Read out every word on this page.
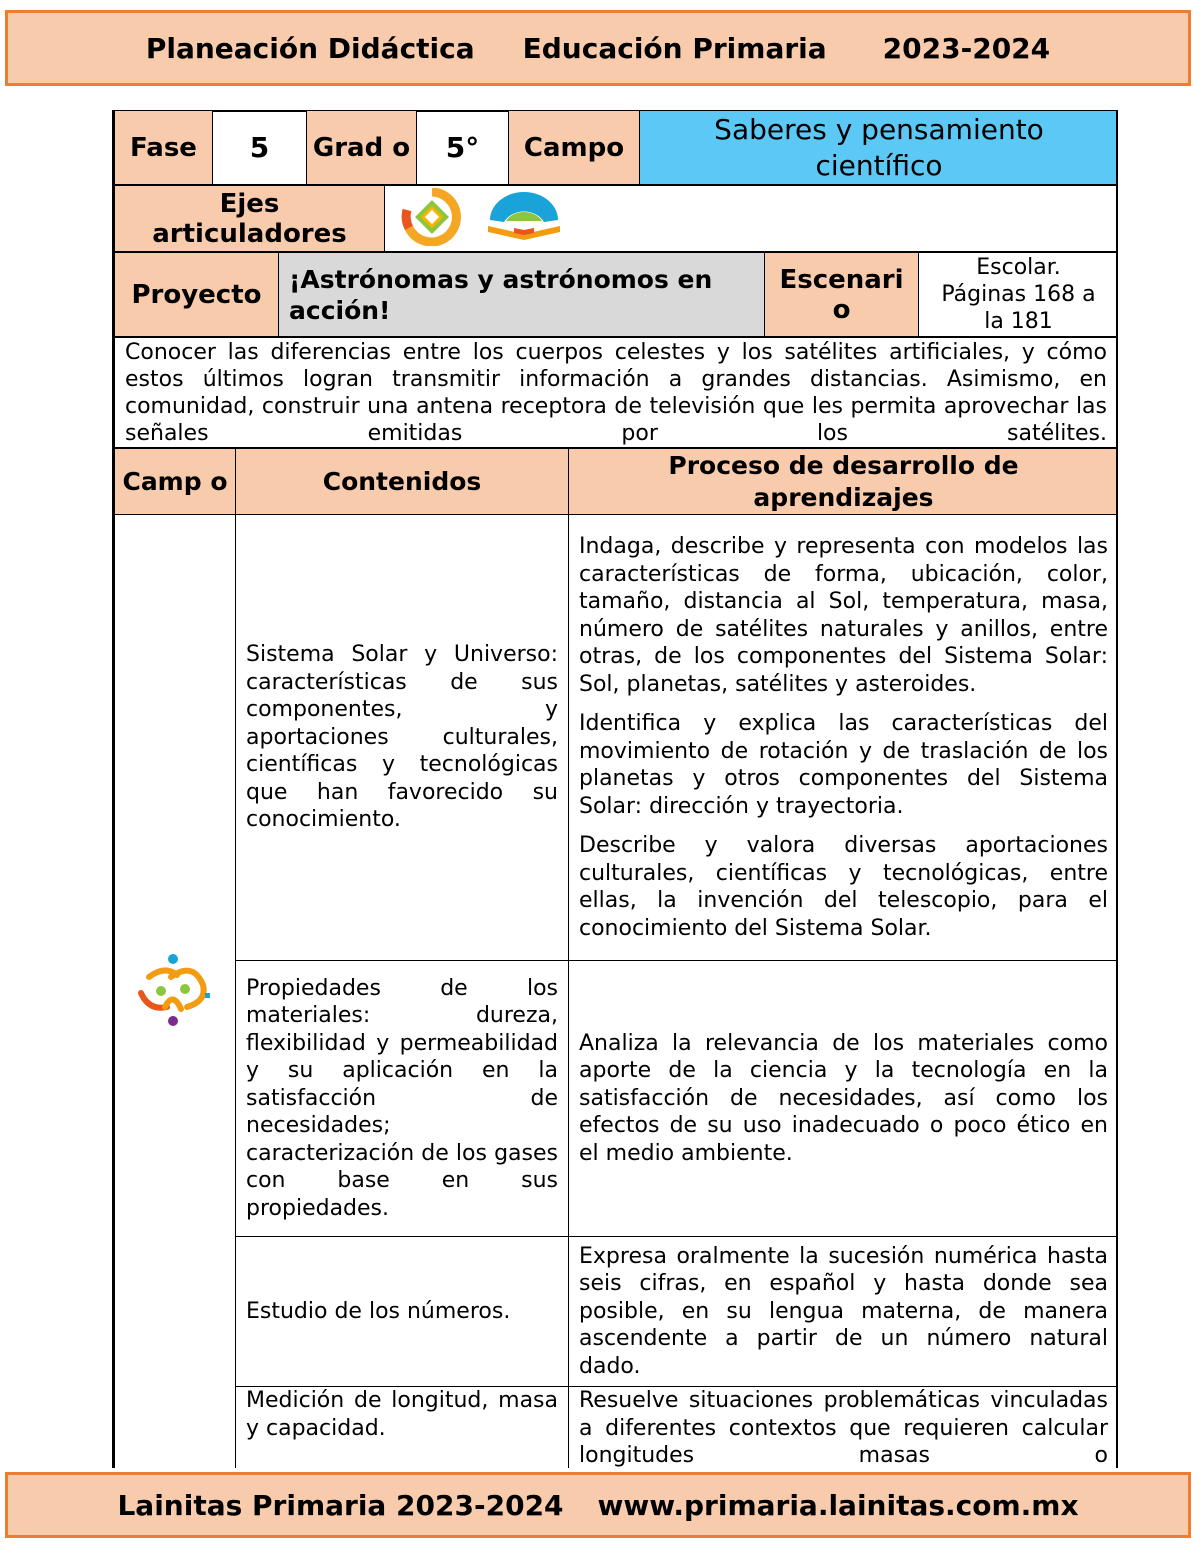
Planeación Didáctica Educación Primaria 2023-2024
Fase	5	Grad o	5°	Campo	Saberes y pensamiento científico
Ejes articuladores	
Proyecto	¡Astrónomas y astrónomos en acción!	Escenari o	Escolar. Páginas 168 a la 181
Conocer las diferencias entre los cuerpos celestes y los satélites artificiales, y cómo estos últimos logran transmitir información a grandes distancias. Asimismo, en comunidad, construir una antena receptora de televisión que les permita aprovechar las señales emitidas por los satélites.
Camp o	Contenidos	Proceso de desarrollo de aprendizajes

	Sistema Solar y Universo: características de sus componentes, y aportaciones culturales, científicas y tecnológicas que han favorecido su conocimiento.	Indaga, describe y representa con modelos las características de forma, ubicación, color, tamaño, distancia al Sol, temperatura, masa, número de satélites naturales y anillos, entre otras, de los componentes del Sistema Solar: Sol, planetas, satélites y asteroides.

Identifica y explica las características del movimiento de rotación y de traslación de los planetas y otros componentes del Sistema Solar: dirección y trayectoria.

Describe y valora diversas aportaciones culturales, científicas y tecnológicas, entre ellas, la invención del telescopio, para el conocimiento del Sistema Solar.

	Propiedades de los materiales: dureza, flexibilidad y permeabilidad y su aplicación en la satisfacción de necesidades; caracterización de los gases con base en sus propiedades.	Analiza la relevancia de los materiales como aporte de la ciencia y la tecnología en la satisfacción de necesidades, así como los efectos de su uso inadecuado o poco ético en el medio ambiente.

	Estudio de los números.	Expresa oralmente la sucesión numérica hasta seis cifras, en español y hasta donde sea posible, en su lengua materna, de manera ascendente a partir de un número natural dado.

	Medición de longitud, masa y capacidad.	Resuelve situaciones problemáticas vinculadas a diferentes contextos que requieren calcular longitudes masas o

Lainitas Primaria 2023-2024 www.primaria.lainitas.com.mx
